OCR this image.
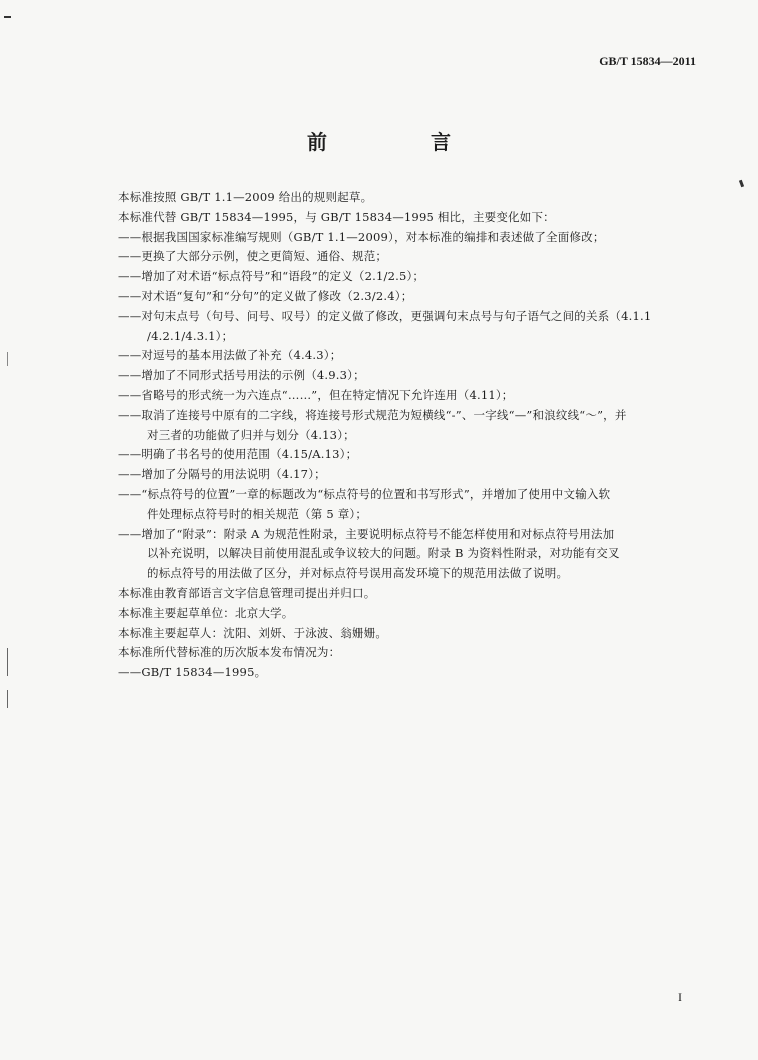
GB/T 15834—2011
前　言
本标准按照 GB/T 1.1—2009 给出的规则起草。
本标准代替 GB/T 15834—1995，与 GB/T 15834—1995 相比，主要变化如下：
——根据我国国家标准编写规则（GB/T 1.1—2009），对本标准的编排和表述做了全面修改；
——更换了大部分示例，使之更简短、通俗、规范；
——增加了对术语“标点符号”和“语段”的定义（2.1/2.5）；
——对术语“复句”和“分句”的定义做了修改（2.3/2.4）；
——对句末点号（句号、问号、叹号）的定义做了修改，更强调句末点号与句子语气之间的关系（4.1.1
/4.2.1/4.3.1）；
——对逗号的基本用法做了补充（4.4.3）；
——增加了不同形式括号用法的示例（4.9.3）；
——省略号的形式统一为六连点“……”，但在特定情况下允许连用（4.11）；
——取消了连接号中原有的二字线，将连接号形式规范为短横线“-”、一字线“—”和浪纹线“～”，并
对三者的功能做了归并与划分（4.13）；
——明确了书名号的使用范围（4.15/A.13）；
——增加了分隔号的用法说明（4.17）；
——“标点符号的位置”一章的标题改为“标点符号的位置和书写形式”，并增加了使用中文输入软
件处理标点符号时的相关规范（第 5 章）；
——增加了“附录”：附录 A 为规范性附录，主要说明标点符号不能怎样使用和对标点符号用法加
以补充说明，以解决目前使用混乱或争议较大的问题。附录 B 为资料性附录，对功能有交叉
的标点符号的用法做了区分，并对标点符号误用高发环境下的规范用法做了说明。
本标准由教育部语言文字信息管理司提出并归口。
本标准主要起草单位：北京大学。
本标准主要起草人：沈阳、刘妍、于泳波、翁姗姗。
本标准所代替标准的历次版本发布情况为：
——GB/T 15834—1995。
I
